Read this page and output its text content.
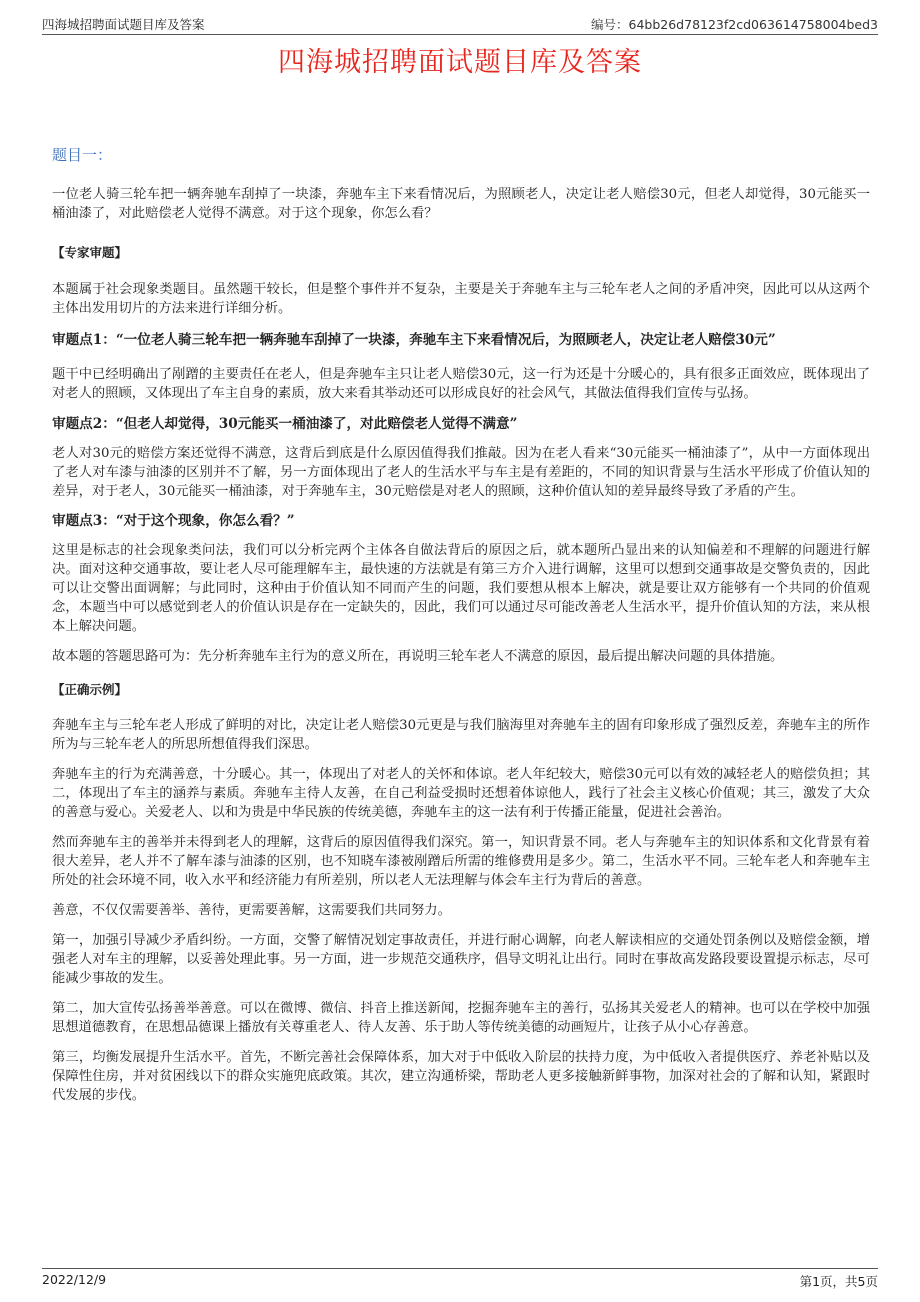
四海城招聘面试题目库及答案	编号：64bb26d78123f2cd063614758004bed3
四海城招聘面试题目库及答案
题目一：

一位老人骑三轮车把一辆奔驰车刮掉了一块漆，奔驰车主下来看情况后，为照顾老人，决定让老人赔偿30元，但老人却觉得，30元能买一桶油漆了，对此赔偿老人觉得不满意。对于这个现象，你怎么看？

【专家审题】

本题属于社会现象类题目。虽然题干较长，但是整个事件并不复杂，主要是关于奔驰车主与三轮车老人之间的矛盾冲突，因此可以从这两个主体出发用切片的方法来进行详细分析。

审题点1：“一位老人骑三轮车把一辆奔驰车刮掉了一块漆，奔驰车主下来看情况后，为照顾老人，决定让老人赔偿30元”

题干中已经明确出了剐蹭的主要责任在老人，但是奔驰车主只让老人赔偿30元，这一行为还是十分暖心的，具有很多正面效应，既体现出了对老人的照顾，又体现出了车主自身的素质，放大来看其举动还可以形成良好的社会风气，其做法值得我们宣传与弘扬。

审题点2：“但老人却觉得，30元能买一桶油漆了，对此赔偿老人觉得不满意”

老人对30元的赔偿方案还觉得不满意，这背后到底是什么原因值得我们推敲。因为在老人看来“30元能买一桶油漆了”，从中一方面体现出了老人对车漆与油漆的区别并不了解，另一方面体现出了老人的生活水平与车主是有差距的，不同的知识背景与生活水平形成了价值认知的差异，对于老人，30元能买一桶油漆，对于奔驰车主，30元赔偿是对老人的照顾，这种价值认知的差异最终导致了矛盾的产生。

审题点3：“对于这个现象，你怎么看？”

这里是标志的社会现象类问法，我们可以分析完两个主体各自做法背后的原因之后，就本题所凸显出来的认知偏差和不理解的问题进行解决。面对这种交通事故，要让老人尽可能理解车主，最快速的方法就是有第三方介入进行调解，这里可以想到交通事故是交警负责的，因此可以让交警出面调解；与此同时，这种由于价值认知不同而产生的问题，我们要想从根本上解决，就是要让双方能够有一个共同的价值观念，本题当中可以感觉到老人的价值认识是存在一定缺失的，因此，我们可以通过尽可能改善老人生活水平，提升价值认知的方法，来从根本上解决问题。

故本题的答题思路可为：先分析奔驰车主行为的意义所在，再说明三轮车老人不满意的原因，最后提出解决问题的具体措施。

【正确示例】

奔驰车主与三轮车老人形成了鲜明的对比，决定让老人赔偿30元更是与我们脑海里对奔驰车主的固有印象形成了强烈反差，奔驰车主的所作所为与三轮车老人的所思所想值得我们深思。

奔驰车主的行为充满善意，十分暖心。其一，体现出了对老人的关怀和体谅。老人年纪较大，赔偿30元可以有效的减轻老人的赔偿负担；其二，体现出了车主的涵养与素质。奔驰车主待人友善，在自己利益受损时还想着体谅他人，践行了社会主义核心价值观；其三，激发了大众的善意与爱心。关爱老人、以和为贵是中华民族的传统美德，奔驰车主的这一法有利于传播正能量，促进社会善治。

然而奔驰车主的善举并未得到老人的理解，这背后的原因值得我们深究。第一，知识背景不同。老人与奔驰车主的知识体系和文化背景有着很大差异，老人并不了解车漆与油漆的区别，也不知晓车漆被剐蹭后所需的维修费用是多少。第二，生活水平不同。三轮车老人和奔驰车主所处的社会环境不同，收入水平和经济能力有所差别，所以老人无法理解与体会车主行为背后的善意。

善意，不仅仅需要善举、善待，更需要善解，这需要我们共同努力。

第一，加强引导减少矛盾纠纷。一方面，交警了解情况划定事故责任，并进行耐心调解，向老人解读相应的交通处罚条例以及赔偿金额，增强老人对车主的理解，以妥善处理此事。另一方面，进一步规范交通秩序，倡导文明礼让出行。同时在事故高发路段要设置提示标志，尽可能减少事故的发生。

第二，加大宣传弘扬善举善意。可以在微博、微信、抖音上推送新闻，挖掘奔驰车主的善行，弘扬其关爱老人的精神。也可以在学校中加强思想道德教育，在思想品德课上播放有关尊重老人、待人友善、乐于助人等传统美德的动画短片，让孩子从小心存善意。

第三，均衡发展提升生活水平。首先，不断完善社会保障体系，加大对于中低收入阶层的扶持力度，为中低收入者提供医疗、养老补贴以及保障性住房，并对贫困线以下的群众实施兜底政策。其次，建立沟通桥梁，帮助老人更多接触新鲜事物，加深对社会的了解和认知，紧跟时代发展的步伐。

2022/12/9	第1页，共5页
